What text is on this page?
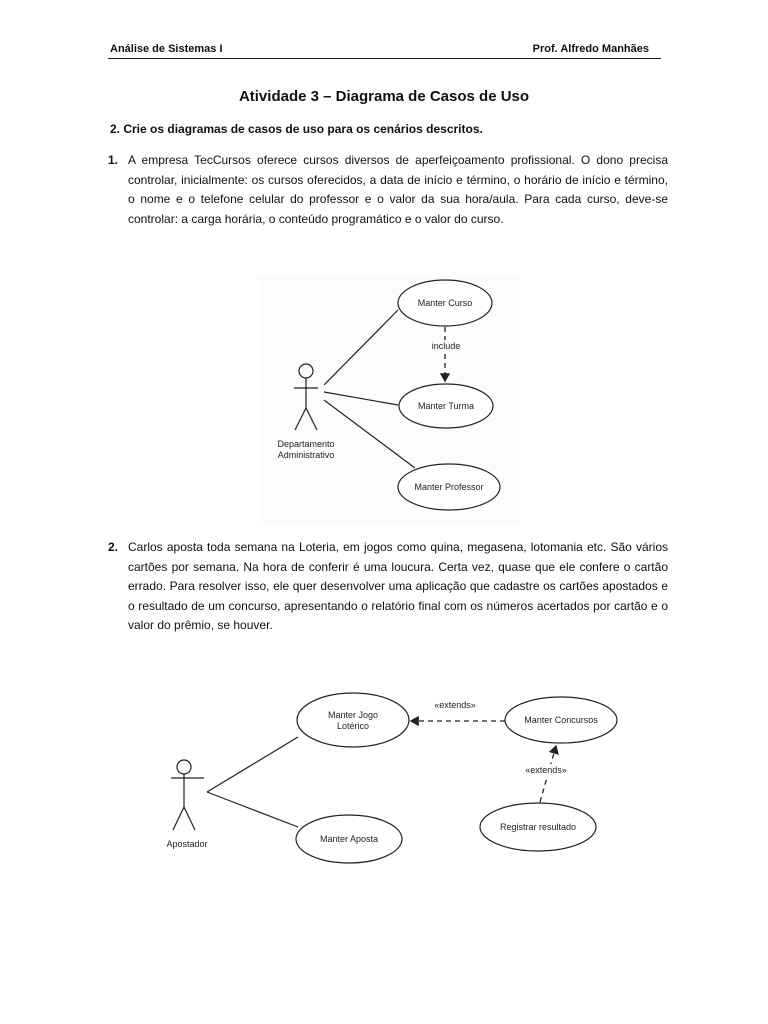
Análise de Sistemas I	Prof. Alfredo Manhães
Atividade 3 – Diagrama de Casos de Uso
2. Crie os diagramas de casos de uso para os cenários descritos.
1. A empresa TecCursos oferece cursos diversos de aperfeiçoamento profissional. O dono precisa controlar, inicialmente: os cursos oferecidos, a data de início e término, o horário de início e término, o nome e o telefone celular do professor e o valor da sua hora/aula. Para cada curso, deve-se controlar: a carga horária, o conteúdo programático e o valor do curso.
2. Carlos aposta toda semana na Loteria, em jogos como quina, megasena, lotomania etc. São vários cartões por semana. Na hora de conferir é uma loucura. Certa vez, quase que ele confere o cartão errado. Para resolver isso, ele quer desenvolver uma aplicação que cadastre os cartões apostados e o resultado de um concurso, apresentando o relatório final com os números acertados por cartão e o valor do prêmio, se houver.
Departamento
Administrativo
Manter Curso
include
Manter Turma
Manter Professor
Apostador
Manter Jogo
Lotérico
Manter Aposta
Manter Concursos
«extends»
Registrar resultado
«extends»
